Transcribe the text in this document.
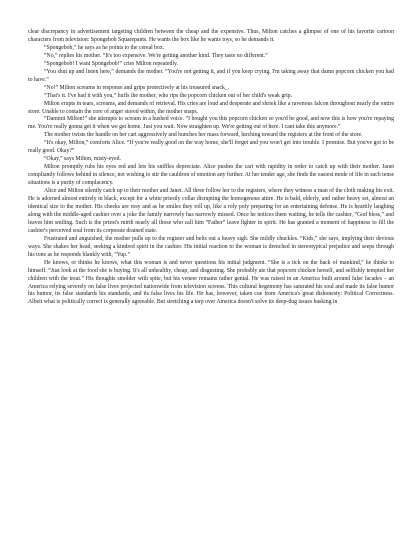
clear discrepancy in advertisement targeting children between the cheap and the expensive. Thus, Milton catches a glimpse of one of his favorite cartoon characters from television: Spongebob Squarepants. He wants the box like he wants toys, so he demands it.

“Spongebob,” he says as he points to the cereal box.

“No,” replies his mother. “It's too expensive. We're getting another kind. They taste no different.”

“Spongebob! I want Spongebob!” cries Milton repeatedly.

“You shut up and listen here,” demands the mother. “You're not getting it, and if you keep crying, I'm taking away that damn popcorn chicken you had to have.”

“No!” Milton screams in response and grips protectively at his treasured snack_.

“That's it. I've had it with you,” huffs the mother, who rips the popcorn chicken out of her child's weak grip.

Milton erupts in tears, screams, and demands of retrieval. His cries are loud and desperate and shriek like a ravenous falcon throughout nearly the entire store. Unable to contain the core of anger stored within, the mother snaps.

“Dammit Milton!” she attempts to scream in a hushed voice. “I bought you this popcorn chicken so you'd be good, and now this is how you're repaying me. You're really gonna get it when we get home. Just you wait. Now straighten up. We're getting out of here. I cant take this anymore.”

The mother twists the handle on her cart aggressively and hunches her mass forward, lurching toward the registers at the front of the store.

“It's okay, Milton,” comforts Alice. “If you're really good on the way home, she'll forget and you won't get into trouble. I promise. But you've got to be really good. Okay?”

“Okay,” says Milton, misty-eyed.

Milton promptly rubs his eyes red and lets his sniffles depreciate. Alice pushes the cart with rapidity in order to catch up with their mother. Janet compliantly follows behind in silence, not wishing to stir the cauldron of emotion any further. At her tender age, she finds the easiest mode of life in such tense situations is a purity of complacency.

Alice and Milton silently catch up to their mother and Janet. All three follow her to the registers, where they witness a man of the cloth making his exit. He is adorned almost entirely in black, except for a white priestly collar disrupting the homogenous attire. He is bald, elderly, and rather heavy set, almost an identical size to the mother. His cheeks are rosy and as he smiles they roll up, like a roly poly preparing for an entertaining defense. He is heartily laughing along with the middle-aged cashier over a joke the family narrowly has narrowly missed. Once he notices them waiting, he tells the cashier, “God bless,” and leaves him smiling. Such is the priest's mirth nearly all those who call him “Father” leave lighter in spirit. He has granted a moment of happiness to fill the cashier's perceived soul from its corporate drained state.

Frustrated and anguished, the mother pulls up to the register and belts out a heavy sigh. She mildly chuckles. “Kids,” she says, implying their devious ways. She shakes her head, seeking a kindred spirit in the cashier. His initial reaction to the woman is drenched in stereotypical prejudice and seeps through his tone as he responds blankly with, “Yup.”

He knows, or thinks he knows, what this woman is and never questions his initial judgment. “She is a tick on the back of mankind,” he thinks to himself. “Just look at the food she is buying. It's all unhealthy, cheap, and disgusting. She probably ate that popcorn chicken herself, and selfishly tempted her children with the treat.” His thoughts smolder with spite, but his veneer remains rather genial. He was raised in an America built around false facades – an America relying severely on false lives projected nationwide from television screens. This cultural hegemony has saturated his soul and made its false humor his humor, its false standards his standards, and its false lives his life. He has, however, taken cue from America's great dishonesty: Political Correctness. Albeit what is politically correct is generally agreeable. But stretching a tarp over America doesn't solve its deep-dug issues basking in
